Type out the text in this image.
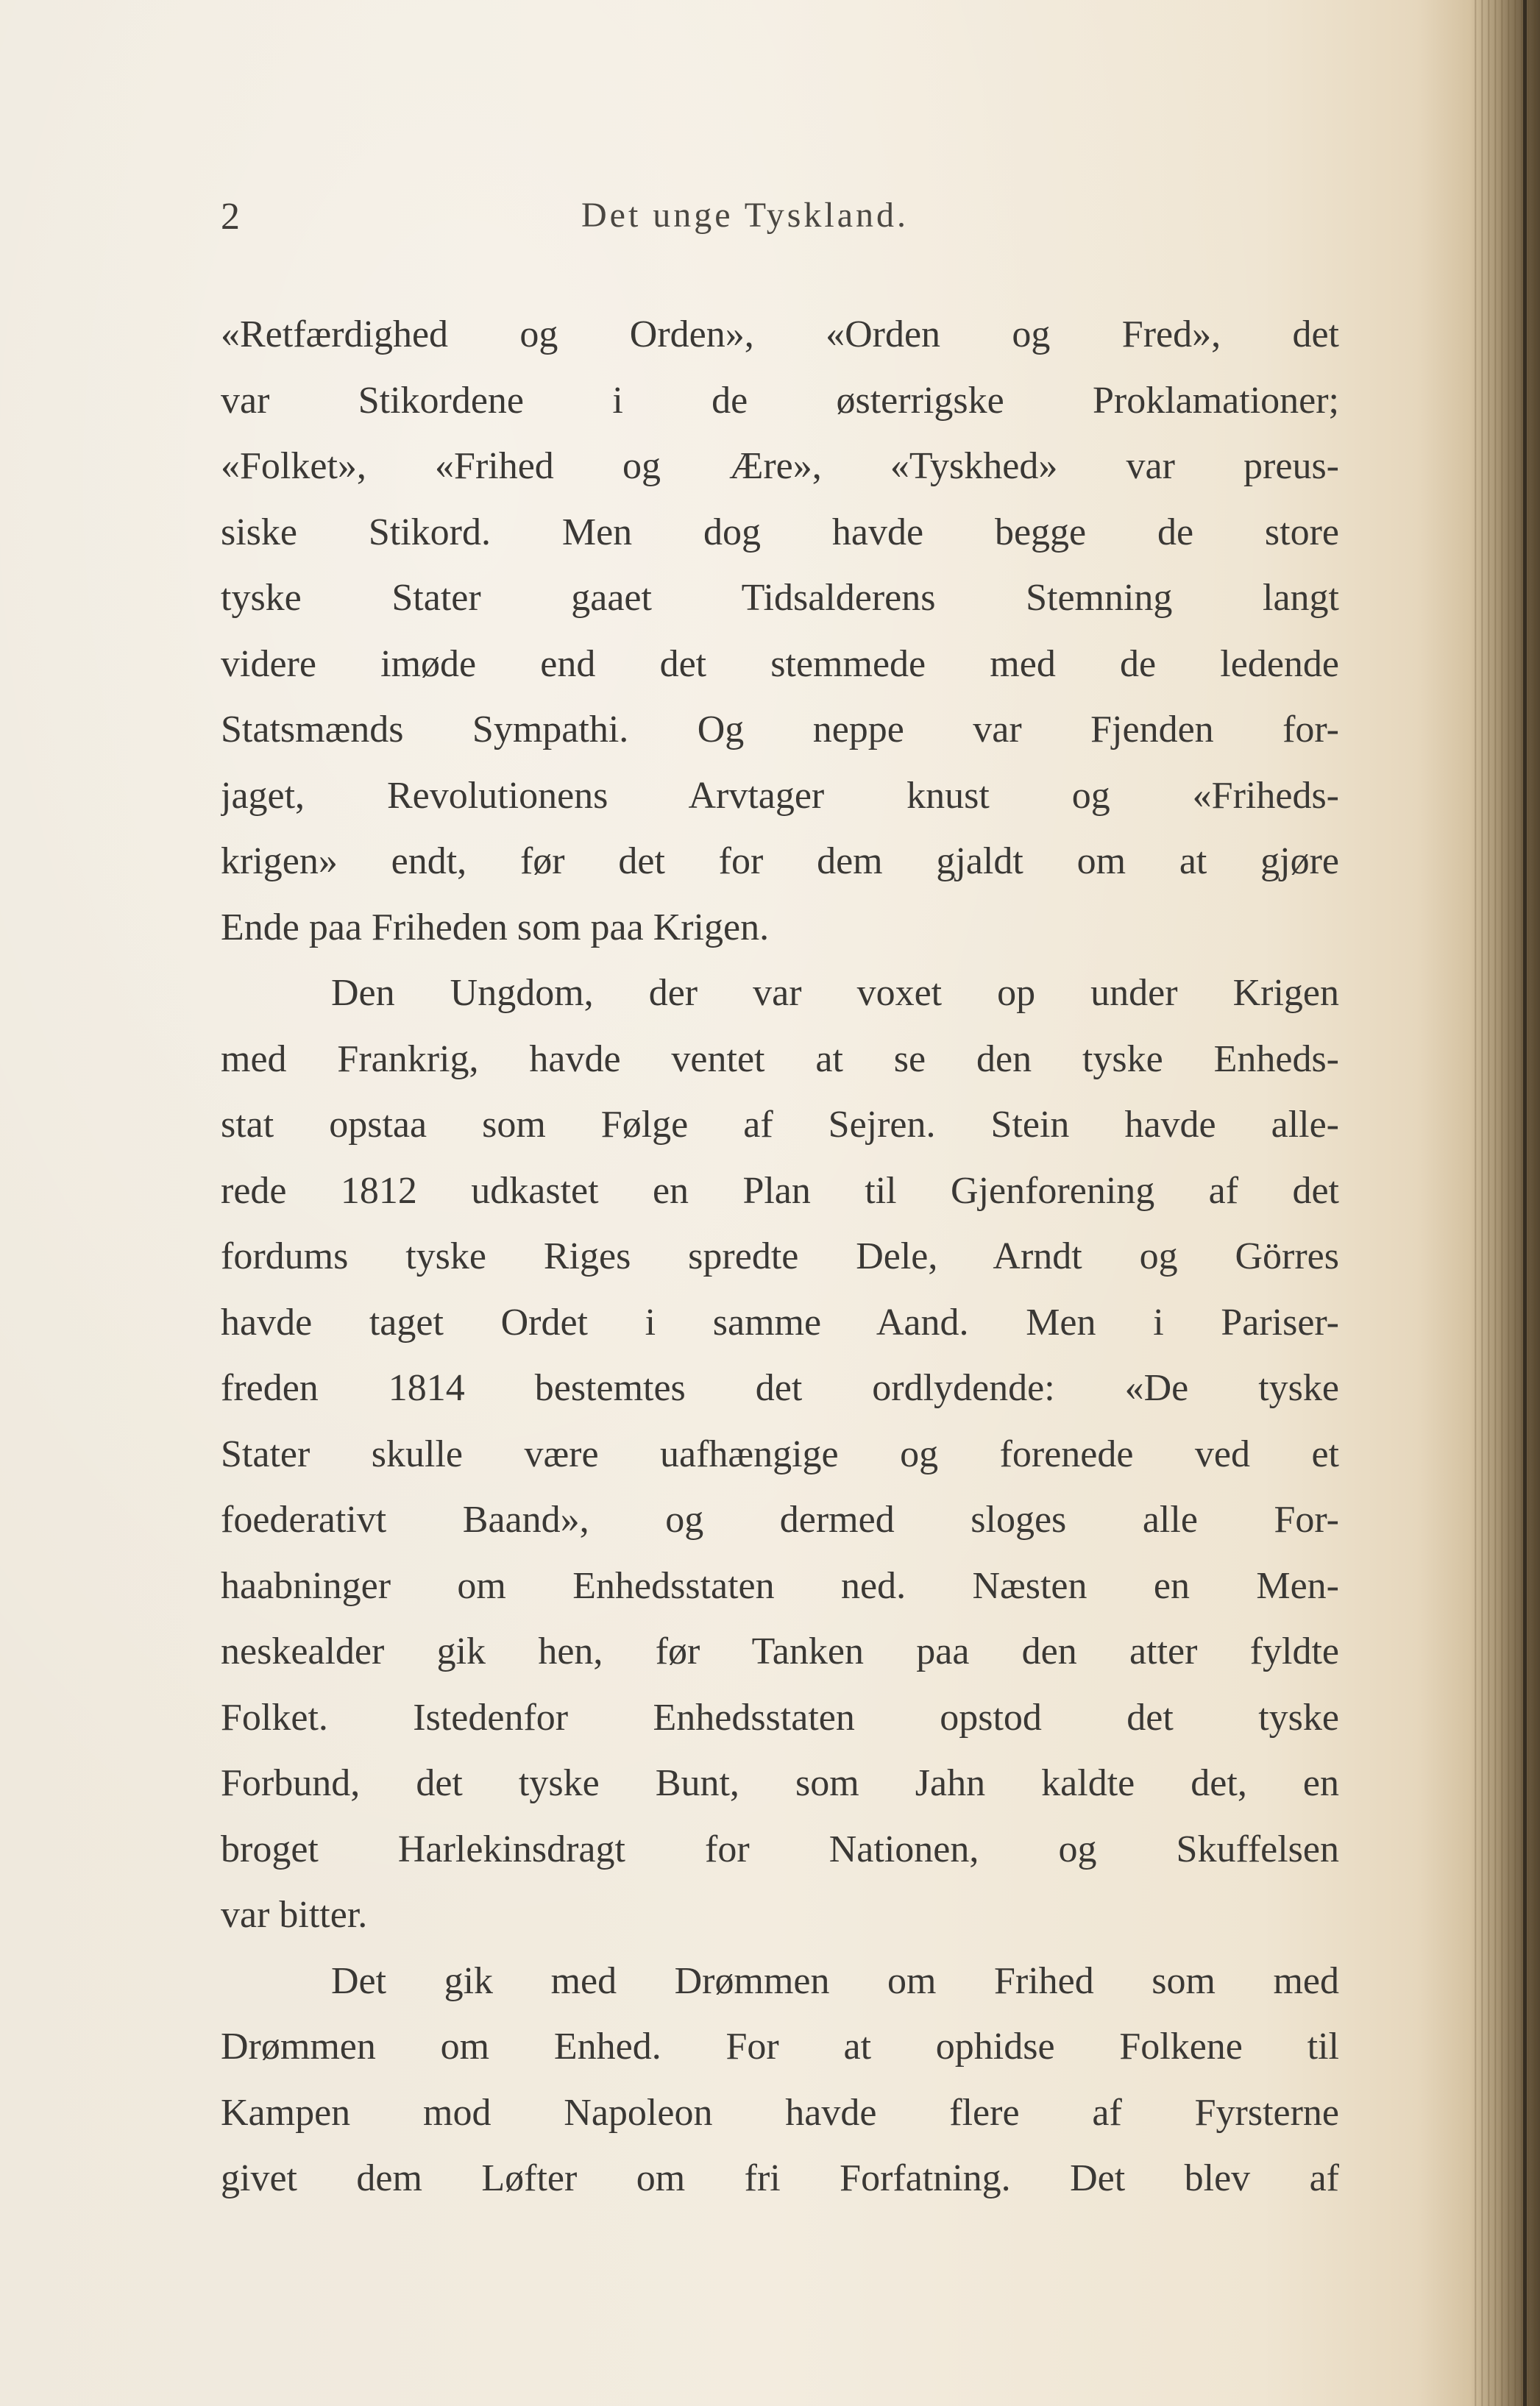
2	Det unge Tyskland.
«Retfærdighed og Orden», «Orden og Fred», det
var Stikordene i de østerrigske Proklamationer;
«Folket», «Frihed og Ære», «Tyskhed» var preus-
siske Stikord. Men dog havde begge de store
tyske Stater gaaet Tidsalderens Stemning langt
videre imøde end det stemmede med de ledende
Statsmænds Sympathi. Og neppe var Fjenden for-
jaget, Revolutionens Arvtager knust og «Friheds-
krigen» endt, før det for dem gjaldt om at gjøre
Ende paa Friheden som paa Krigen.
Den Ungdom, der var voxet op under Krigen
med Frankrig, havde ventet at se den tyske Enheds-
stat opstaa som Følge af Sejren. Stein havde alle-
rede 1812 udkastet en Plan til Gjenforening af det
fordums tyske Riges spredte Dele, Arndt og Görres
havde taget Ordet i samme Aand. Men i Pariser-
freden 1814 bestemtes det ordlydende: «De tyske
Stater skulle være uafhængige og forenede ved et
foederativt Baand», og dermed sloges alle For-
haabninger om Enhedsstaten ned. Næsten en Men-
neskealder gik hen, før Tanken paa den atter fyldte
Folket. Istedenfor Enhedsstaten opstod det tyske
Forbund, det tyske Bunt, som Jahn kaldte det, en
broget Harlekinsdragt for Nationen, og Skuffelsen
var bitter.
Det gik med Drømmen om Frihed som med
Drømmen om Enhed. For at ophidse Folkene til
Kampen mod Napoleon havde flere af Fyrsterne
givet dem Løfter om fri Forfatning. Det blev af
